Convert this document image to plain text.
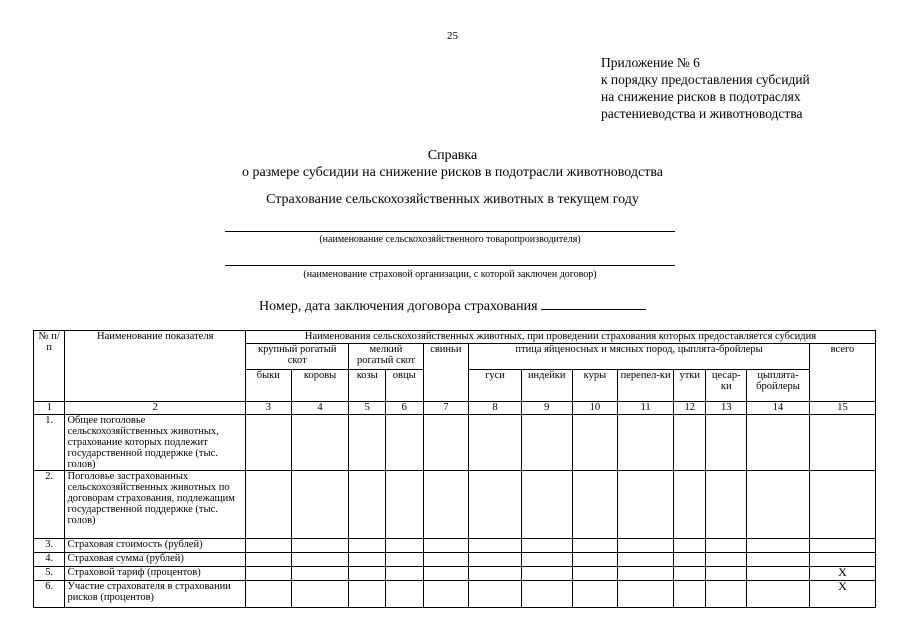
25
Приложение № 6
к порядку предоставления субсидий
на снижение рисков в подотраслях
растениеводства и животноводства
Справка
о размере субсидии на снижение рисков в подотрасли животноводства
Страхование сельскохозяйственных животных в текущем году
(наименование сельскохозяйственного товаропроизводителя)
(наименование страховой организации, с которой заключен договор)
Номер, дата заключения договора страхования
№ п/п	Наименование показателя	Наименования сельскохозяйственных животных, при проведении страхования которых предоставляется субсидия												
		крупный рогатый скот		мелкий рогатый скот		свиньи	птица яйценосных и мясных пород, цыплята-бройлеры							всего
		быки	коровы	козы	овцы		гуси	индейки	куры	перепел-ки	утки	цесар-ки	цыплята-бройлеры	
1	2	3	4	5	6	7	8	9	10	11	12	13	14	15
1.	Общее поголовье сельскохозяйственных животных, страхование которых подлежит государственной поддержке (тыс. голов)													
2.	Поголовье застрахованных сельскохозяйственных животных по договорам страхования, подлежащим государственной поддержке (тыс. голов)													
3.	Страховая стоимость (рублей)													
4.	Страховая сумма (рублей)													
5.	Страховой тариф (процентов)													Х
6.	Участие страхователя в страховании рисков (процентов)													Х
